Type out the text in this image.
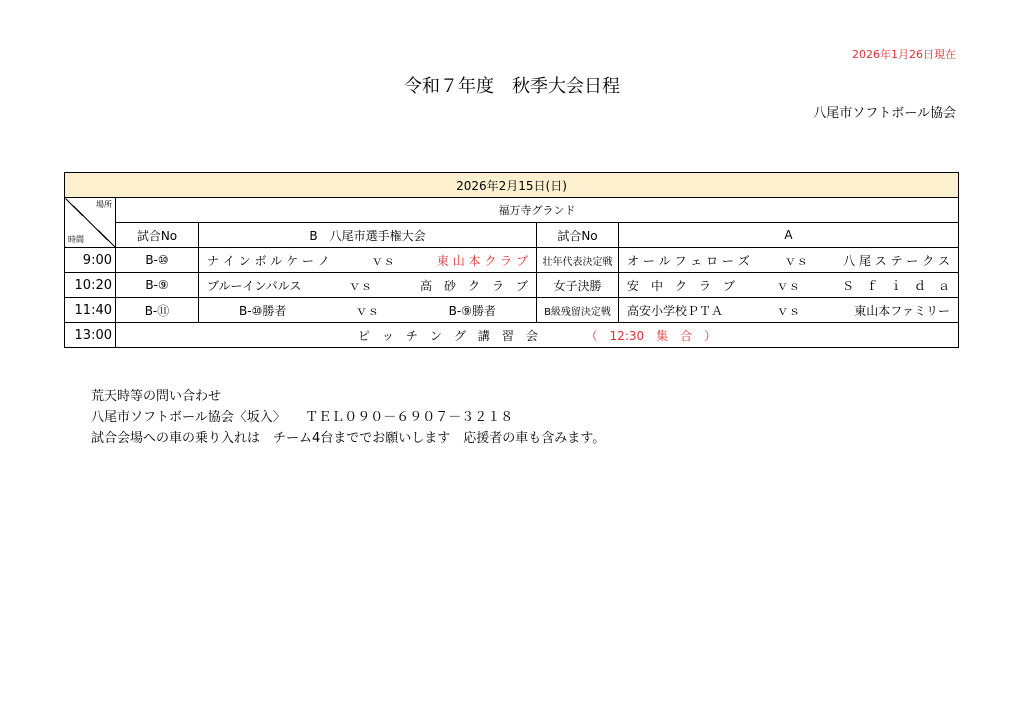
2026年1月26日現在
令和７年度　秋季大会日程
八尾市ソフトボール協会
2026年2月15日(日)				

場所
時間	福万寺グランド			
	試合No	B　八尾市選手権大会	試合No	A
9:00	B-⑩	ナ イ ン ボ ル ケ ー ノ ｖｓ 東 山 本 ク ラ ブ	壮年代表決定戦	オ ー ル フ ェ ロ ー ズ ｖｓ 八 尾 ス テ ー ク ス

10:20	B-⑨	ブルーインパルス ｖｓ 高　砂　ク　ラ　ブ	女子決勝	安　中　ク　ラ　ブ ｖｓ Ｓ　ｆ　ｉ　ｄ　ａ

11:40	B-⑪	B-⑩勝者 ｖｓ B-⑨勝者	B級残留決定戦	高安小学校ＰＴＡ ｖｓ 東山本ファミリー

13:00	ピ　ッ　チ　ン　グ　講　習　会 （　12:30　集　合　）			
荒天時等の問い合わせ
八尾市ソフトボール協会〈坂入〉　　ＴＥＬ０９０－６９０７－３２１８
試合会場への車の乗り入れは　チーム4台まででお願いします　応援者の車も含みます。
